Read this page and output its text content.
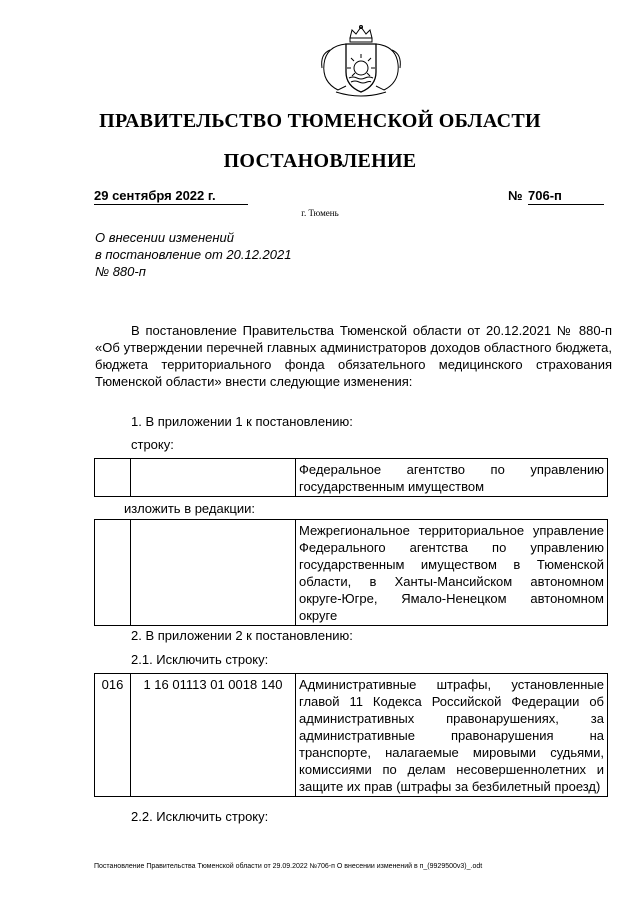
ПРАВИТЕЛЬСТВО ТЮМЕНСКОЙ ОБЛАСТИ
ПОСТАНОВЛЕНИЕ
29 сентября 2022 г.	№ 706-п
г. Тюмень
О внесении изменений
в постановление от 20.12.2021
№ 880-п
В постановление Правительства Тюменской области от 20.12.2021 № 880-п «Об утверждении перечней главных администраторов доходов областного бюджета, бюджета территориального фонда обязательного медицинского страхования Тюменской области» внести следующие изменения:
1. В приложении 1 к постановлению:
строку:
		Федеральное агентство по управлению государственным имуществом
изложить в редакции:
		Межрегиональное территориальное управление Федерального агентства по управлению государственным имуществом в Тюменской области, в Ханты-Мансийском автономном округе-Югре, Ямало-Ненецком автономном округе
2. В приложении 2 к постановлению:
2.1. Исключить строку:
016	1 16 01113 01 0018 140	Административные штрафы, установленные главой 11 Кодекса Российской Федерации об административных правонарушениях, за административные правонарушения на транспорте, налагаемые мировыми судьями, комиссиями по делам несовершеннолетних и защите их прав (штрафы за безбилетный проезд)
2.2. Исключить строку:
Постановление Правительства Тюменской области от 29.09.2022 №706-п О внесении изменений в п_(9929500v3)_.odt
